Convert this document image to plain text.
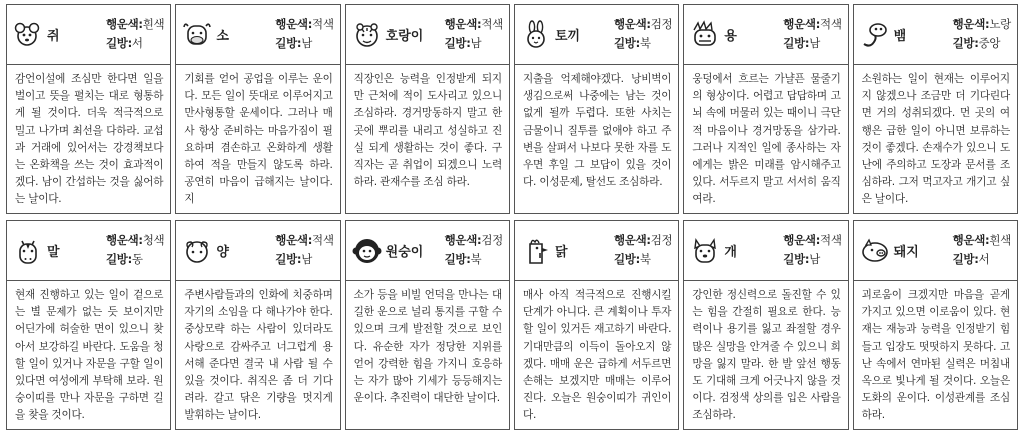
쥐
행운색:흰색
길방:서
감언이설에 조심만 한다면 일을 벌이고 뜻을 펼치는 대로 형통하게 될 것이다. 더욱 적극적으로 밀고 나가며 최선을 다하라. 교섭과 거래에 있어서는 강경책보다는 온화책을 쓰는 것이 효과적이겠다. 남이 간섭하는 것을 싫어하는 날이다.
소
행운색:적색
길방:남
기회를 얻어 공업을 이루는 운이다. 모든 일이 뜻대로 이루어지고 만사형통할 운세이다. 그러나 매사 항상 준비하는 마음가짐이 필요하며 겸손하고 온화하게 생활하여 적을 만들지 않도록 하라. 공연히 마음이 급해지는 날이다. 지
호랑이
행운색:적색
길방:남
직장인은 능력을 인정받게 되지만 근처에 적이 도사리고 있으니 조심하라. 경거망동하지 말고 한 곳에 뿌리를 내리고 성실하고 진실 되게 생활하는 것이 좋다. 구직자는 곧 취업이 되겠으니 노력하라. 관재수를 조심 하라.
토끼
행운색:검정
길방:북
지출을 억제해야겠다. 낭비벽이 생김으로써 나중에는 남는 것이 없게 될까 두렵다. 또한 사치는 금물이니 질투를 없애야 하고 주변을 살펴서 나보다 못한 자를 도우면 후일 그 보답이 있을 것이다. 이성문제, 탈선도 조심하라.
용
행운색:적색
길방:남
웅덩에서 흐르는 가냘픈 물줄기의 형상이다. 어렵고 답답하며 고뇌 속에 머물러 있는 때이니 극단적 마음이나 경거망동을 삼가라. 그러나 지적인 일에 종사하는 자에게는 밝은 미래를 암시해주고 있다. 서두르지 말고 서서히 움직여라.
뱀
행운색:노랑
길방:중앙
소원하는 일이 현재는 이루어지지 않겠으나 조금만 더 기다린다면 거의 성취되겠다. 먼 곳의 여행은 급한 일이 아니면 보류하는 것이 좋겠다. 손재수가 있으니 도난에 주의하고 도장과 문서를 조심하라. 그저 먹고자고 개기고 싶은 날이다.
말
행운색:청색
길방:동
현재 진행하고 있는 일이 겉으로는 별 문제가 없는 듯 보이지만 어딘가에 허술한 면이 있으니 찾아서 보강하길 바란다. 도움을 청할 일이 있거나 자문을 구할 일이 있다면 여성에게 부탁해 보라. 원숭이띠를 만나 자문을 구하면 길을 찾을 것이다.
양
행운색:적색
길방:남
주변사람들과의 인화에 치중하며 자기의 소임을 다 해나가야 한다. 중상모략 하는 사람이 있더라도 사랑으로 감싸주고 너그럽게 용서해 준다면 결국 내 사람 될 수 있을 것이다. 취직은 좀 더 기다려라. 갈고 닦은 기량을 멋지게 발휘하는 날이다.
원숭이
행운색:검정
길방:북
소가 등을 비빌 언덕을 만나는 대길한 운으로 널리 통지를 구할 수 있으며 크게 발전할 것으로 보인다. 유순한 자가 정당한 지위를 얻어 강력한 힘을 가지니 호응하는 자가 많아 기세가 등등해지는 운이다. 추진력이 대단한 날이다.
닭
행운색:검정
길방:북
매사 아직 적극적으로 진행시킬 단계가 아니다. 큰 계획이나 투자할 일이 있거든 재고하기 바란다. 기대만큼의 이득이 돌아오지 않겠다. 매매 운은 급하게 서두르면 손해는 보겠지만 매매는 이루어진다. 오늘은 원숭이띠가 귀인이다.
개
행운색:적색
길방:남
강인한 정신력으로 돌진할 수 있는 힘을 간절히 필요로 한다. 능력이나 용기를 잃고 좌절할 경우 많은 실망을 안겨줄 수 있으니 희망을 잃지 말라. 한 발 앞선 행동도 기대해 크게 어긋나지 않을 것이다. 검정색 상의를 입은 사람을 조심하라.
돼지
행운색:흰색
길방:서
괴로움이 크겠지만 마음을 곧게 가지고 있으면 이로움이 있다. 현재는 재능과 능력을 인정받기 힘들고 입장도 떳떳하지 못하다. 고난 속에서 연마된 실력은 머침내 옥으로 빛나게 될 것이다. 오늘은 도화의 운이다. 이성관계를 조심하라.
